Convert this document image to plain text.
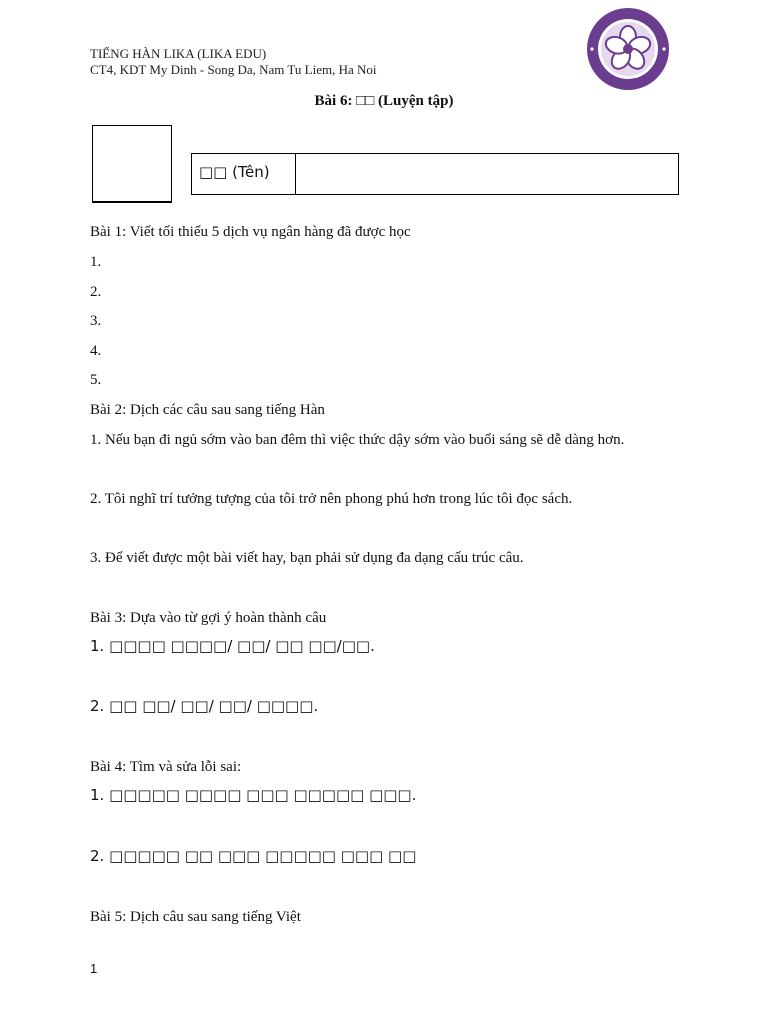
TIẾNG HÀN LIKA (LIKA EDU)
CT4, KDT My Dinh - Song Da, Nam Tu Liem, Ha Noi
Bài 6: □□ (Luyện tập)
□□ (Tên)
Bài 1: Viết tối thiểu 5 dịch vụ ngân hàng đã được học
1.
2.
3.
4.
5.
Bài 2: Dịch các câu sau sang tiếng Hàn
1. Nếu bạn đi ngủ sớm vào ban đêm thì việc thức dậy sớm vào buổi sáng sẽ dễ dàng hơn.
2. Tôi nghĩ trí tưởng tượng của tôi trở nên phong phú hơn trong lúc tôi đọc sách.
3. Để viết được một bài viết hay, bạn phải sử dụng đa dạng cấu trúc câu.
Bài 3: Dựa vào từ gợi ý hoàn thành câu
1. □□□□ □□□□/ □□/ □□ □□/□□.
2. □□ □□/ □□/ □□/ □□□□.
Bài 4: Tìm và sửa lỗi sai:
1. □□□□□ □□□□ □□□ □□□□□ □□□.
2. □□□□□ □□ □□□ □□□□□ □□□ □□
Bài 5: Dịch câu sau sang tiếng Việt
1
